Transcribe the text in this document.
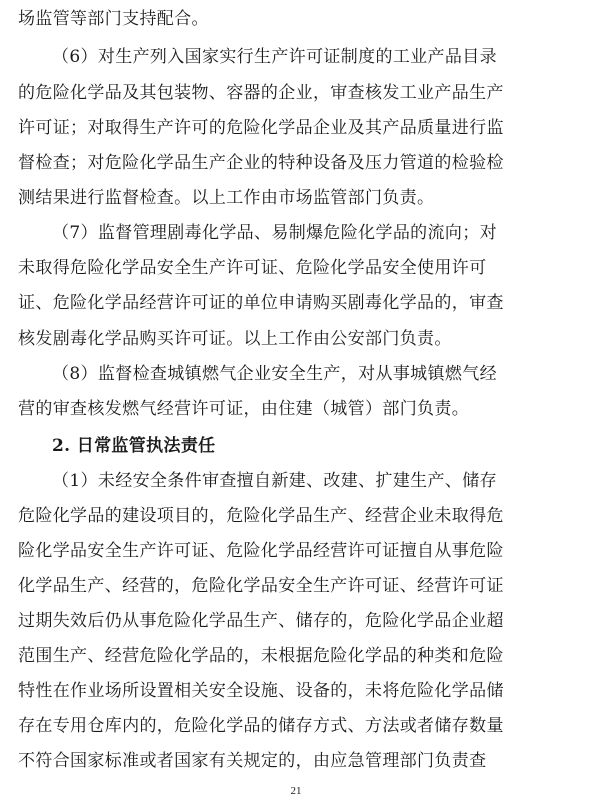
场监管等部门支持配合。
（6）对生产列入国家实行生产许可证制度的工业产品目录
的危险化学品及其包装物、容器的企业，审查核发工业产品生产
许可证；对取得生产许可的危险化学品企业及其产品质量进行监
督检查；对危险化学品生产企业的特种设备及压力管道的检验检
测结果进行监督检查。以上工作由市场监管部门负责。
（7）监督管理剧毒化学品、易制爆危险化学品的流向；对
未取得危险化学品安全生产许可证、危险化学品安全使用许可
证、危险化学品经营许可证的单位申请购买剧毒化学品的，审查
核发剧毒化学品购买许可证。以上工作由公安部门负责。
（8）监督检查城镇燃气企业安全生产，对从事城镇燃气经
营的审查核发燃气经营许可证，由住建（城管）部门负责。
2. 日常监管执法责任
（1）未经安全条件审查擅自新建、改建、扩建生产、储存
危险化学品的建设项目的，危险化学品生产、经营企业未取得危
险化学品安全生产许可证、危险化学品经营许可证擅自从事危险
化学品生产、经营的，危险化学品安全生产许可证、经营许可证
过期失效后仍从事危险化学品生产、储存的，危险化学品企业超
范围生产、经营危险化学品的，未根据危险化学品的种类和危险
特性在作业场所设置相关安全设施、设备的，未将危险化学品储
存在专用仓库内的，危险化学品的储存方式、方法或者储存数量
不符合国家标准或者国家有关规定的，由应急管理部门负责查
21
